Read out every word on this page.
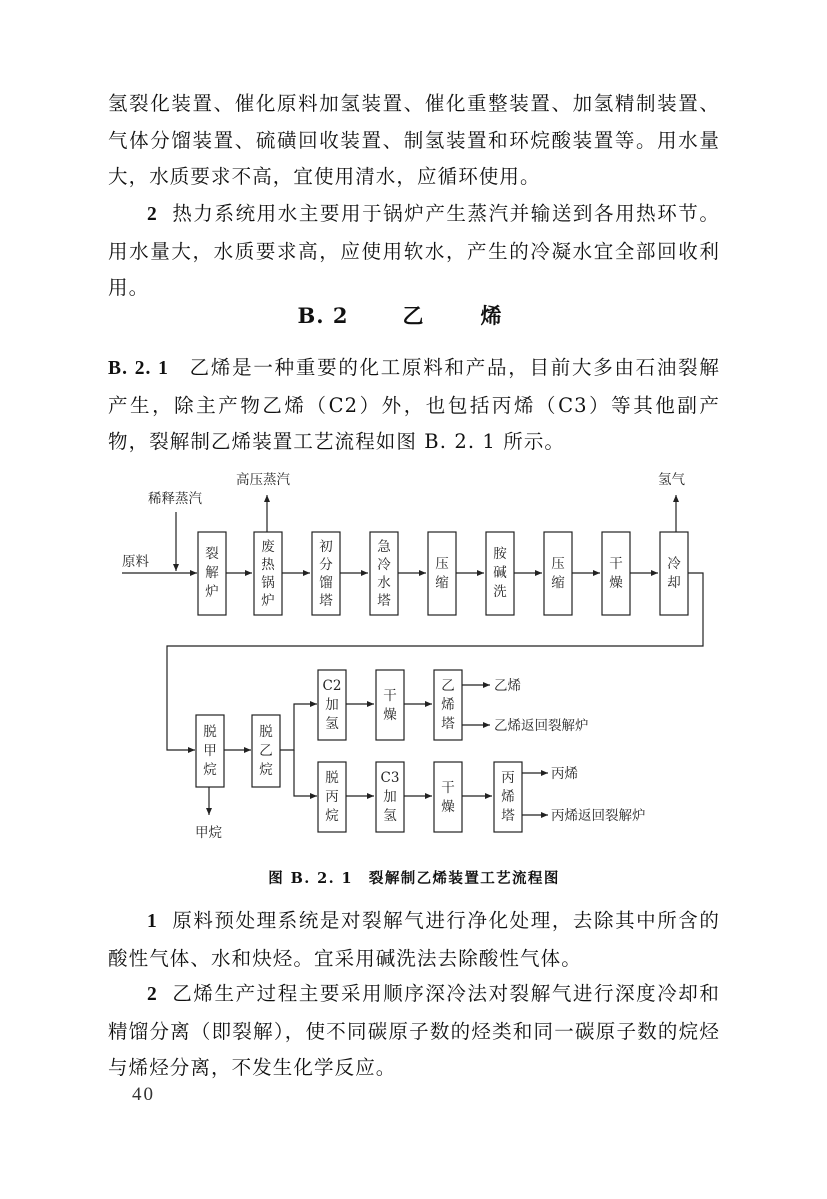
氢裂化装置、催化原料加氢装置、催化重整装置、加氢精制装置、气体分馏装置、硫磺回收装置、制氢装置和环烷酸装置等。用水量大，水质要求不高，宜使用清水，应循环使用。

2 热力系统用水主要用于锅炉产生蒸汽并输送到各用热环节。用水量大，水质要求高，应使用软水，产生的冷凝水宜全部回收利用。

B. 2	乙	烯

B. 2. 1 乙烯是一种重要的化工原料和产品，目前大多由石油裂解产生，除主产物乙烯（C2）外，也包括丙烯（C3）等其他副产物，裂解制乙烯装置工艺流程如图 B. 2. 1 所示。

原料
稀释蒸汽
高压蒸汽	氢气
裂
解
炉
废
热
锅
炉
初
分
馏
塔
急
冷
水
塔
压
缩
胺
碱
洗
压
缩
干
燥
冷
却
乙烯
乙烯返回裂解炉
丙烯
丙烯返回裂解炉
甲烷
脱
甲
烷
脱
乙
烷
C2
加
氢
干
燥
乙
烯
塔
脱
丙
烷
C3
加
氢
干
燥
丙
烯
塔
图 B. 2. 1　裂解制乙烯装置工艺流程图

1 原料预处理系统是对裂解气进行净化处理，去除其中所含的酸性气体、水和炔烃。宜采用碱洗法去除酸性气体。

2 乙烯生产过程主要采用顺序深冷法对裂解气进行深度冷却和精馏分离（即裂解），使不同碳原子数的烃类和同一碳原子数的烷烃与烯烃分离，不发生化学反应。

40
